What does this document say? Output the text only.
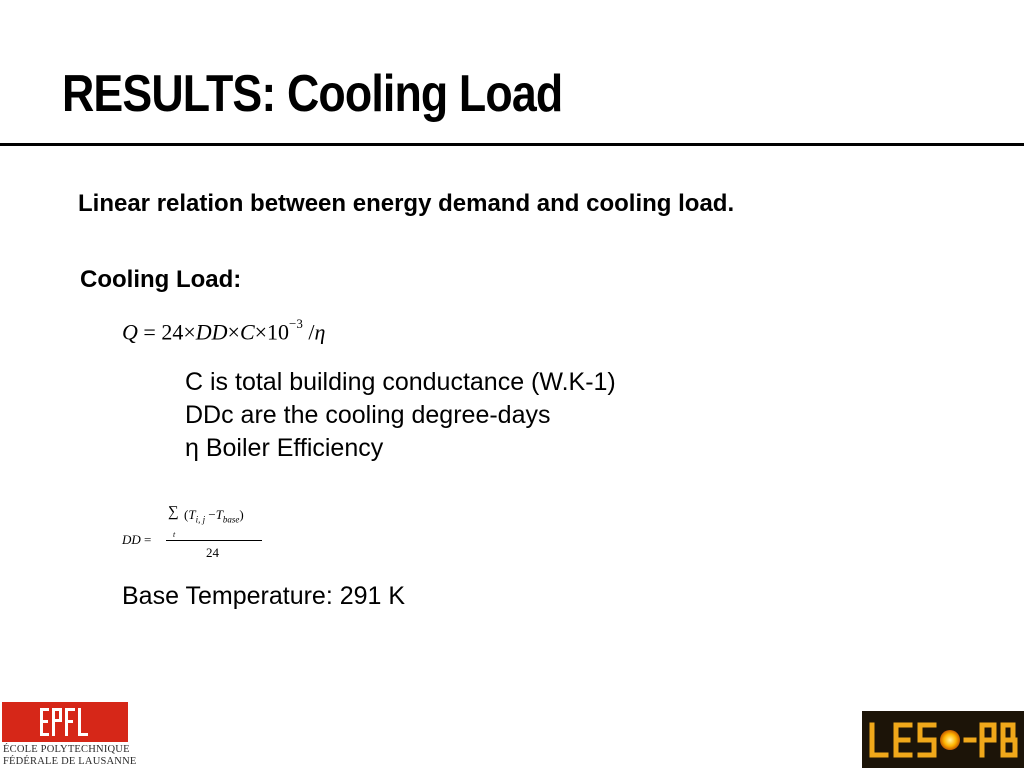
RESULTS: Cooling Load
Linear relation between energy demand and cooling load.
Cooling Load:
$Q = 24\times DD\times C\times 10^{-3}$ /η
C is total building conductance (W.K-1)
DDc are the cooling degree-days
η Boiler Efficiency
DD =
∑ $(T_{i, j} -T_{base})$
t
24
Base Temperature: 291 K
ÉCOLE POLYTECHNIQUE
FÉDÉRALE DE LAUSANNE
